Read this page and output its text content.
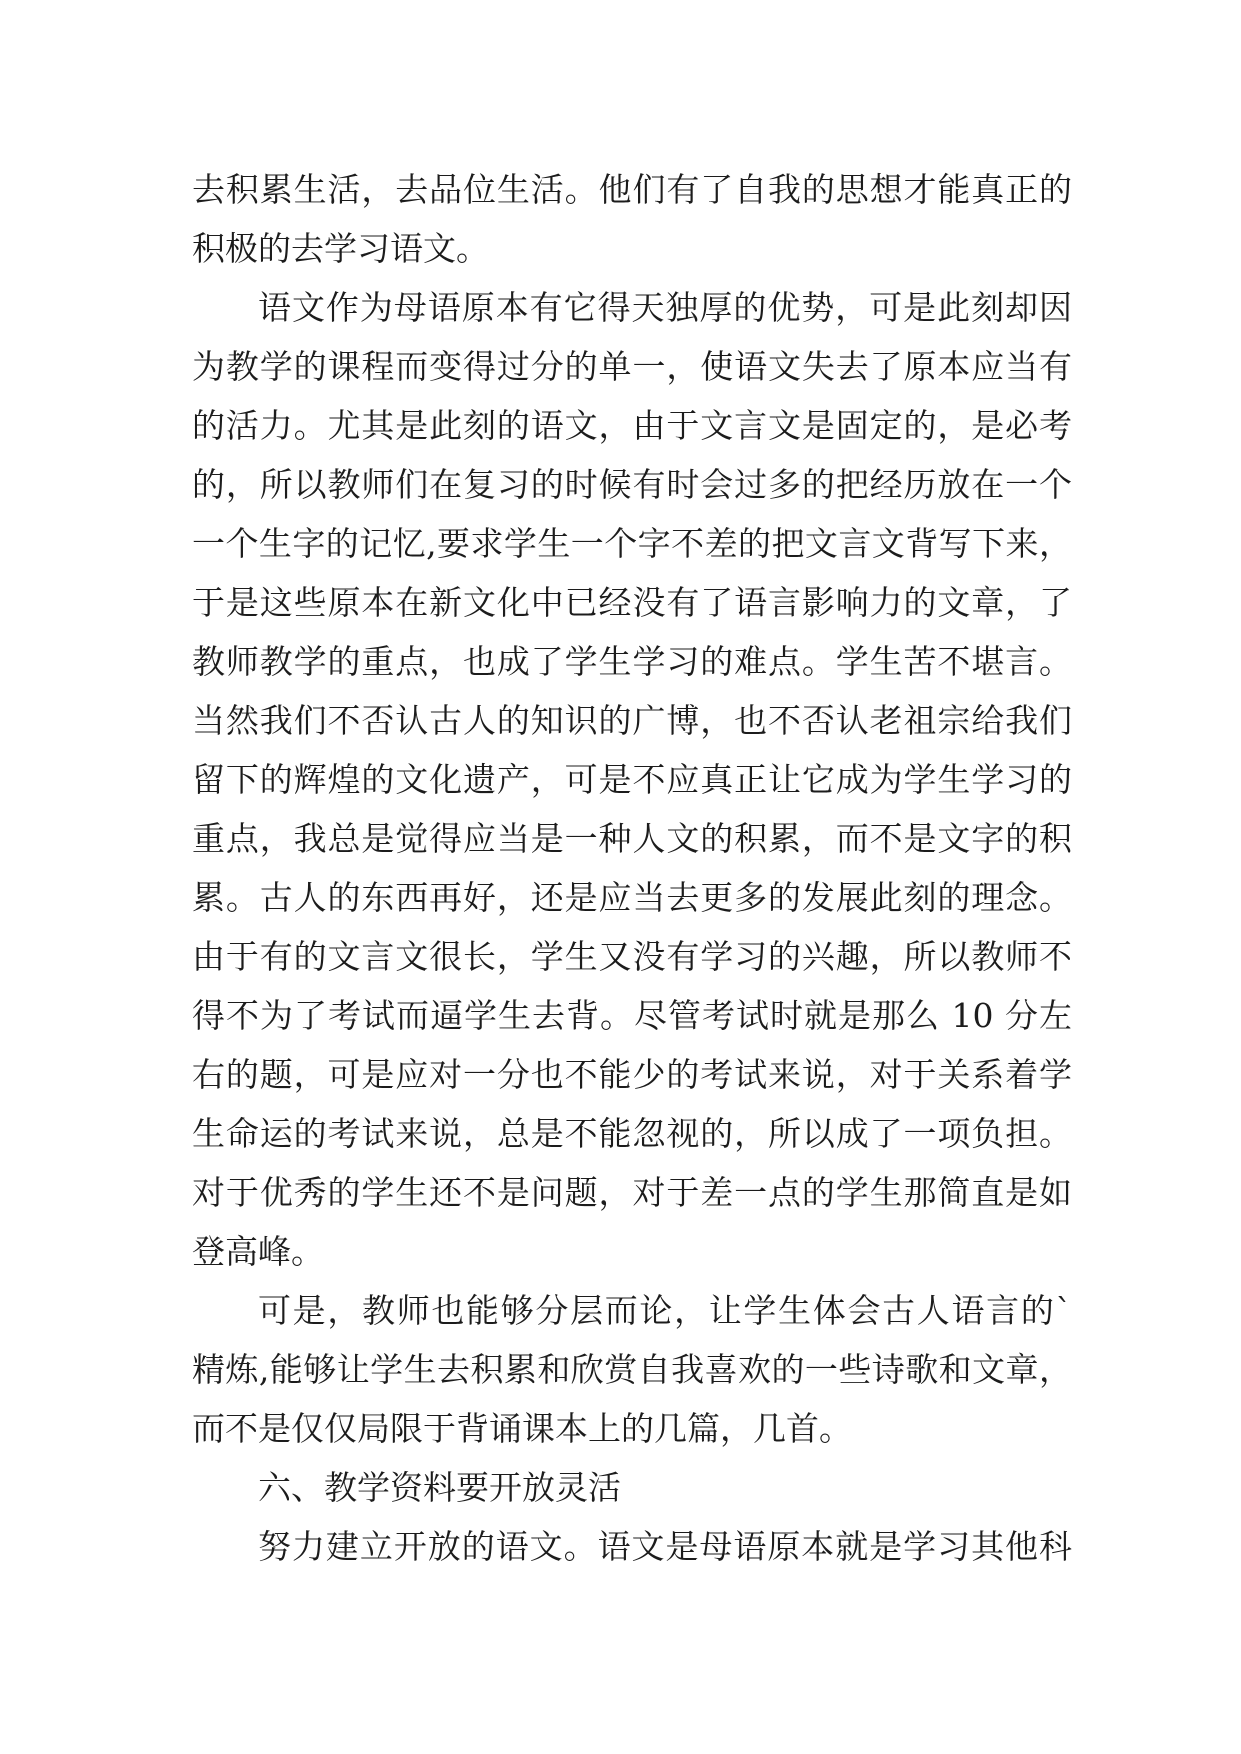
去积累生活，去品位生活。他们有了自我的思想才能真正的
积极的去学习语文。
语文作为母语原本有它得天独厚的优势，可是此刻却因
为教学的课程而变得过分的单一，使语文失去了原本应当有
的活力。尤其是此刻的语文，由于文言文是固定的，是必考
的，所以教师们在复习的时候有时会过多的把经历放在一个
一个生字的记忆,要求学生一个字不差的把文言文背写下来，
于是这些原本在新文化中已经没有了语言影响力的文章，了
教师教学的重点，也成了学生学习的难点。学生苦不堪言。
当然我们不否认古人的知识的广博，也不否认老祖宗给我们
留下的辉煌的文化遗产，可是不应真正让它成为学生学习的
重点，我总是觉得应当是一种人文的积累，而不是文字的积
累。古人的东西再好，还是应当去更多的发展此刻的理念。
由于有的文言文很长，学生又没有学习的兴趣，所以教师不
得不为了考试而逼学生去背。尽管考试时就是那么 10 分左
右的题，可是应对一分也不能少的考试来说，对于关系着学
生命运的考试来说，总是不能忽视的，所以成了一项负担。
对于优秀的学生还不是问题，对于差一点的学生那简直是如
登高峰。
可是，教师也能够分层而论，让学生体会古人语言的`
精炼,能够让学生去积累和欣赏自我喜欢的一些诗歌和文章，
而不是仅仅局限于背诵课本上的几篇，几首。
六、教学资料要开放灵活
努力建立开放的语文。语文是母语原本就是学习其他科
